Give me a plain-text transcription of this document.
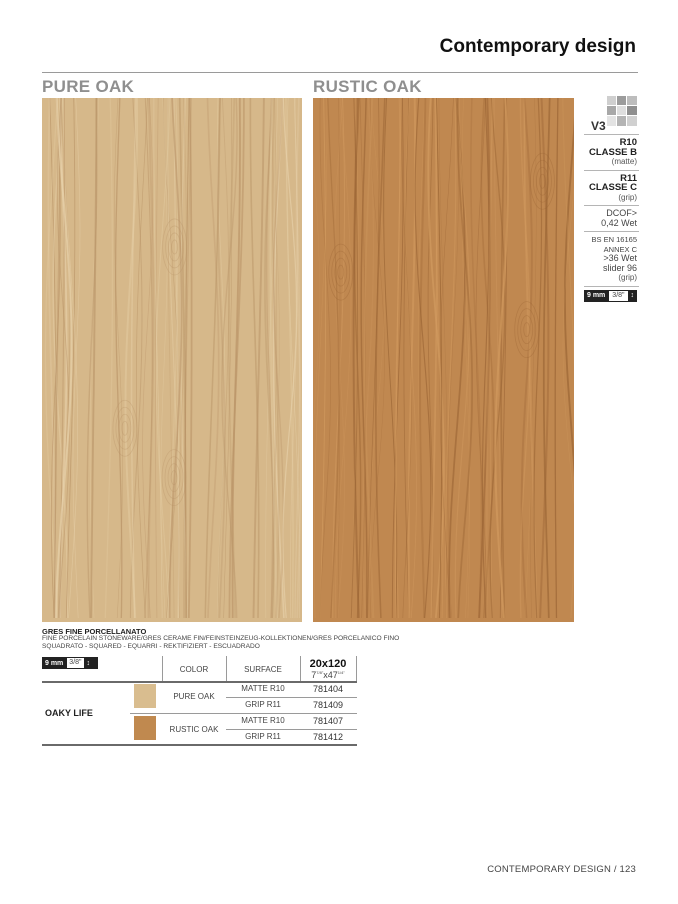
Contemporary design
PURE OAK	RUSTIC OAK
V3
R10
CLASSE B
(matte)
R11
CLASSE C
(grip)
DCOF>
0,42 Wet
BS EN 16165
ANNEX C
>36 Wet
slider 96
(grip)
9 mm	3/8" ↕
GRES FINE PORCELLANATO
FINE PORCELAIN STONEWARE/GRES CERAME FIN/FEINSTEINZEUG-KOLLEKTIONEN/GRES PORCELANICO FINO
SQUADRATO - SQUARED - EQUARRI - REKTIFIZIERT - ESCUADRADO
9 mm 3/8" ↕
COLOR	SURFACE	20x120
$7^{7/8"}x47^{1/4"}$
OAKY LIFE
PURE OAK
MATTE R10	781404
GRIP R11	781409
RUSTIC OAK
MATTE R10	781407
GRIP R11	781412
CONTEMPORARY DESIGN / 123
